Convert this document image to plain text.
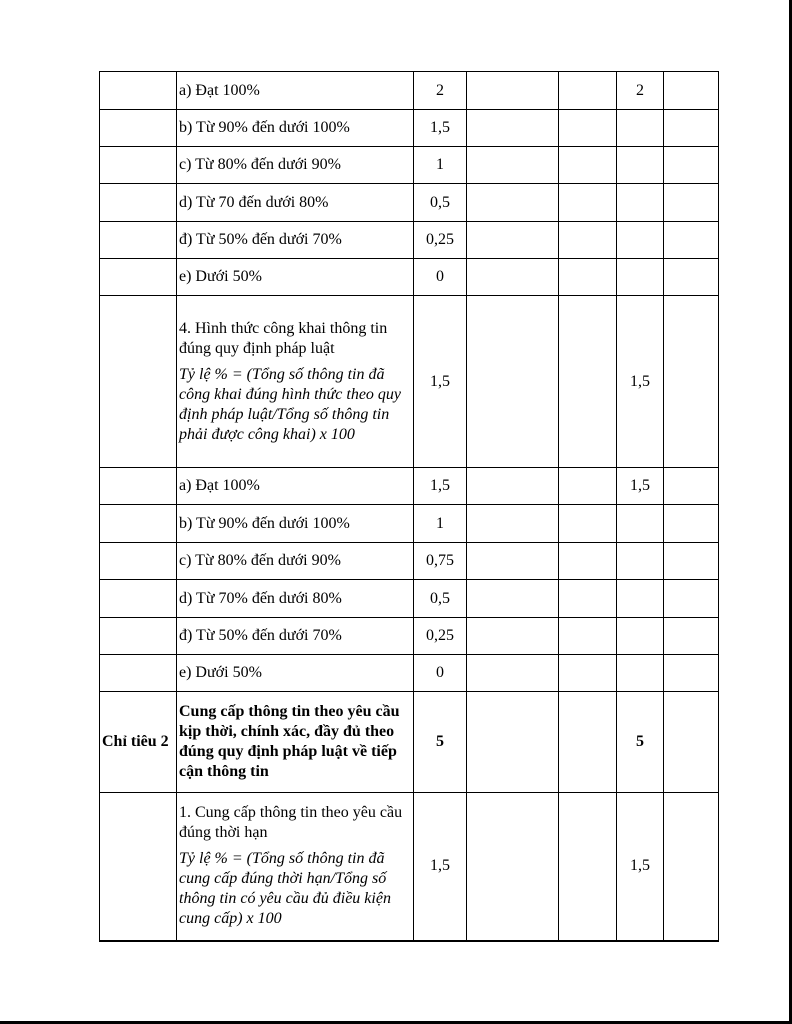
	a) Đạt 100%	2			2	
	b) Từ 90% đến dưới 100%	1,5				
	c) Từ 80% đến dưới 90%	1				
	d) Từ 70 đến dưới 80%	0,5				
	đ) Từ 50% đến dưới 70%	0,25				
	e) Dưới 50%	0				
	4. Hình thức công khai thông tin đúng quy định pháp luật
Tỷ lệ % = (Tổng số thông tin đã công khai đúng hình thức theo quy định pháp luật/Tổng số thông tin phải được công khai) x 100	1,5			1,5	
	a) Đạt 100%	1,5			1,5	
	b) Từ 90% đến dưới 100%	1				
	c) Từ 80% đến dưới 90%	0,75				
	d) Từ 70% đến dưới 80%	0,5				
	đ) Từ 50% đến dưới 70%	0,25				
	e) Dưới 50%	0				
Chỉ tiêu 2	Cung cấp thông tin theo yêu cầu kịp thời, chính xác, đầy đủ theo đúng quy định pháp luật về tiếp cận thông tin	5			5	
	1. Cung cấp thông tin theo yêu cầu đúng thời hạn
Tỷ lệ % = (Tổng số thông tin đã cung cấp đúng thời hạn/Tổng số thông tin có yêu cầu đủ điều kiện cung cấp) x 100	1,5			1,5	
